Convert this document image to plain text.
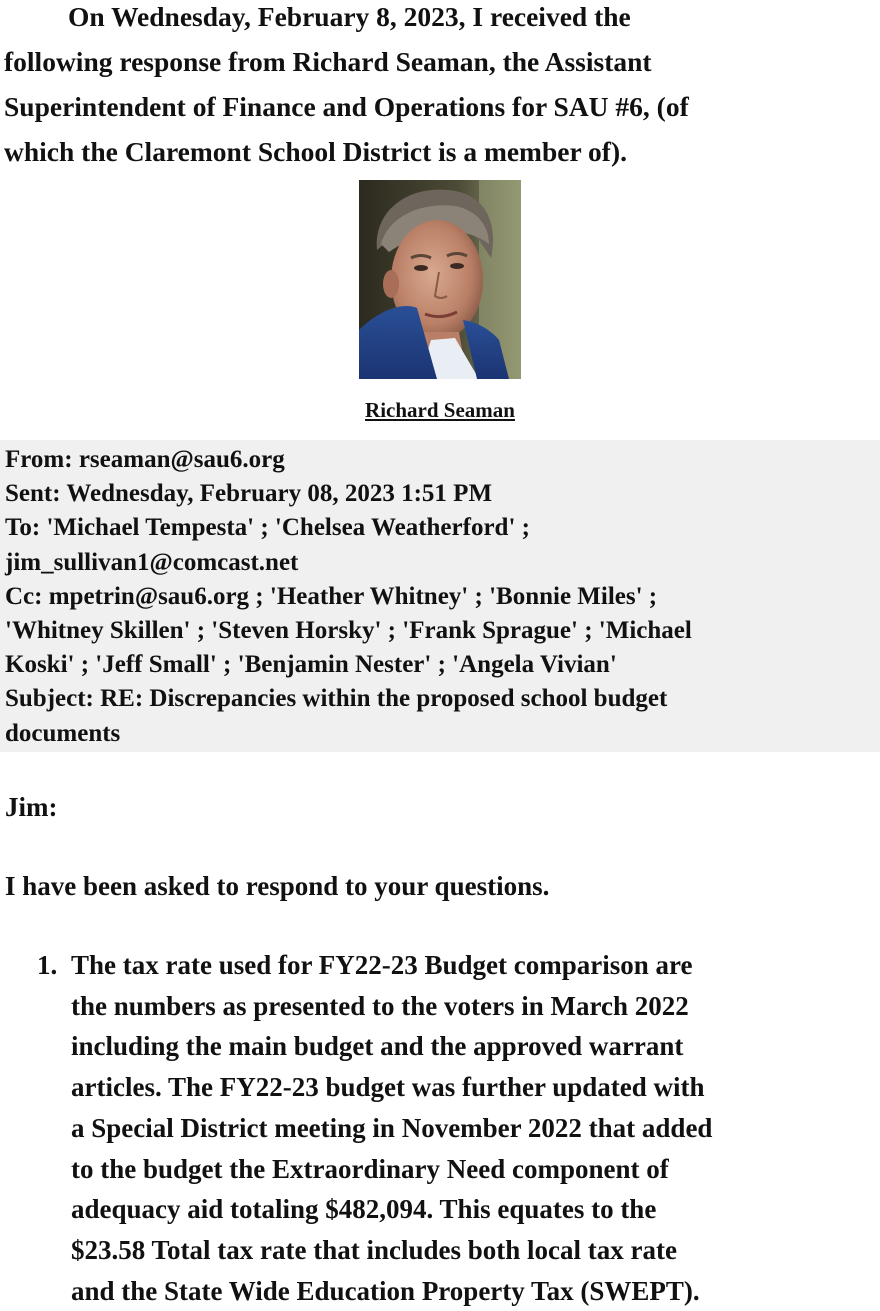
On Wednesday, February 8, 2023, I received the
following response from Richard Seaman, the Assistant
Superintendent of Finance and Operations for SAU #6, (of
which the Claremont School District is a member of).
Richard Seaman
From: rseaman@sau6.org
Sent: Wednesday, February 08, 2023 1:51 PM
To: 'Michael Tempesta' ; 'Chelsea Weatherford' ;
jim_sullivan1@comcast.net
Cc: mpetrin@sau6.org ; 'Heather Whitney' ; 'Bonnie Miles' ;
'Whitney Skillen' ; 'Steven Horsky' ; 'Frank Sprague' ; 'Michael
Koski' ; 'Jeff Small' ; 'Benjamin Nester' ; 'Angela Vivian'
Subject: RE: Discrepancies within the proposed school budget
documents
Jim:
I have been asked to respond to your questions.
1. The tax rate used for FY22-23 Budget comparison are
the numbers as presented to the voters in March 2022
including the main budget and the approved warrant
articles. The FY22-23 budget was further updated with
a Special District meeting in November 2022 that added
to the budget the Extraordinary Need component of
adequacy aid totaling $482,094. This equates to the
$23.58 Total tax rate that includes both local tax rate
and the State Wide Education Property Tax (SWEPT).
